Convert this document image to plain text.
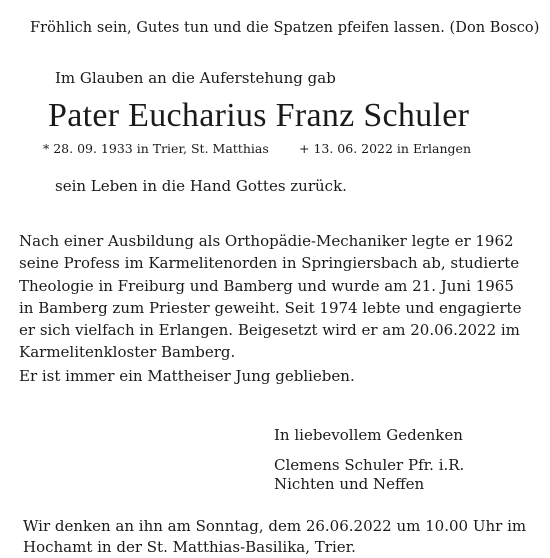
Fröhlich sein, Gutes tun und die Spatzen pfeifen lassen. (Don Bosco)
Im Glauben an die Auferstehung gab
Pater Eucharius Franz Schuler
* 28. 09. 1933 in Trier, St. Matthias + 13. 06. 2022 in Erlangen
sein Leben in die Hand Gottes zurück.
Nach einer Ausbildung als Orthopädie-Mechaniker legte er 1962
seine Profess im Karmelitenorden in Springiersbach ab, studierte
Theologie in Freiburg und Bamberg und wurde am 21. Juni 1965
in Bamberg zum Priester geweiht. Seit 1974 lebte und engagierte
er sich vielfach in Erlangen. Beigesetzt wird er am 20.06.2022 im
Karmelitenkloster Bamberg.
Er ist immer ein Mattheiser Jung geblieben.
In liebevollem Gedenken
Clemens Schuler Pfr. i.R.
Nichten und Neffen
Wir denken an ihn am Sonntag, dem 26.06.2022 um 10.00 Uhr im
Hochamt in der St. Matthias-Basilika, Trier.
